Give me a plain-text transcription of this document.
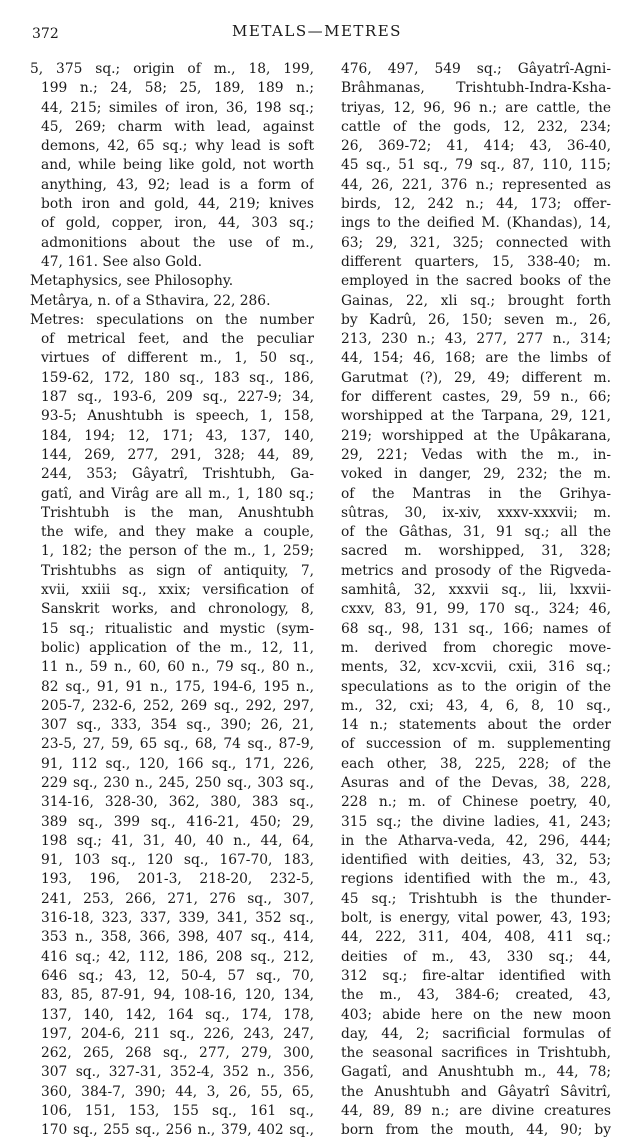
372	METALS—METRES
5, 375 sq.; origin of m., 18, 199,
199 n.; 24, 58; 25, 189, 189 n.;
44, 215; similes of iron, 36, 198 sq.;
45, 269; charm with lead, against
demons, 42, 65 sq.; why lead is soft
and, while being like gold, not worth
anything, 43, 92; lead is a form of
both iron and gold, 44, 219; knives
of gold, copper, iron, 44, 303 sq.;
admonitions about the use of m.,
47, 161. See also Gold.
Metaphysics, see Philosophy.
Metârya, n. of a Sthavira, 22, 286.
Metres: speculations on the number
of metrical feet, and the peculiar
virtues of different m., 1, 50 sq.,
159-62, 172, 180 sq., 183 sq., 186,
187 sq., 193-6, 209 sq., 227-9; 34,
93-5; Anushtubh is speech, 1, 158,
184, 194; 12, 171; 43, 137, 140,
144, 269, 277, 291, 328; 44, 89,
244, 353; Gâyatrî, Trishtubh, Ga-
gatî, and Virâg are all m., 1, 180 sq.;
Trishtubh is the man, Anushtubh
the wife, and they make a couple,
1, 182; the person of the m., 1, 259;
Trishtubhs as sign of antiquity, 7,
xvii, xxiii sq., xxix; versification of
Sanskrit works, and chronology, 8,
15 sq.; ritualistic and mystic (sym-
bolic) application of the m., 12, 11,
11 n., 59 n., 60, 60 n., 79 sq., 80 n.,
82 sq., 91, 91 n., 175, 194-6, 195 n.,
205-7, 232-6, 252, 269 sq., 292, 297,
307 sq., 333, 354 sq., 390; 26, 21,
23-5, 27, 59, 65 sq., 68, 74 sq., 87-9,
91, 112 sq., 120, 166 sq., 171, 226,
229 sq., 230 n., 245, 250 sq., 303 sq.,
314-16, 328-30, 362, 380, 383 sq.,
389 sq., 399 sq., 416-21, 450; 29,
198 sq.; 41, 31, 40, 40 n., 44, 64,
91, 103 sq., 120 sq., 167-70, 183,
193, 196, 201-3, 218-20, 232-5,
241, 253, 266, 271, 276 sq., 307,
316-18, 323, 337, 339, 341, 352 sq.,
353 n., 358, 366, 398, 407 sq., 414,
416 sq.; 42, 112, 186, 208 sq., 212,
646 sq.; 43, 12, 50-4, 57 sq., 70,
83, 85, 87-91, 94, 108-16, 120, 134,
137, 140, 142, 164 sq., 174, 178,
197, 204-6, 211 sq., 226, 243, 247,
262, 265, 268 sq., 277, 279, 300,
307 sq., 327-31, 352-4, 352 n., 356,
360, 384-7, 390; 44, 3, 26, 55, 65,
106, 151, 153, 155 sq., 161 sq.,
170 sq., 255 sq., 256 n., 379, 402 sq.,
476, 497, 549 sq.; Gâyatrî-Agni-
Brâhmanas, Trishtubh-Indra-Ksha-
triyas, 12, 96, 96 n.; are cattle, the
cattle of the gods, 12, 232, 234;
26, 369-72; 41, 414; 43, 36-40,
45 sq., 51 sq., 79 sq., 87, 110, 115;
44, 26, 221, 376 n.; represented as
birds, 12, 242 n.; 44, 173; offer-
ings to the deified M. (Khandas), 14,
63; 29, 321, 325; connected with
different quarters, 15, 338-40; m.
employed in the sacred books of the
Gainas, 22, xli sq.; brought forth
by Kadrû, 26, 150; seven m., 26,
213, 230 n.; 43, 277, 277 n., 314;
44, 154; 46, 168; are the limbs of
Garutmat (?), 29, 49; different m.
for different castes, 29, 59 n., 66;
worshipped at the Tarpana, 29, 121,
219; worshipped at the Upâkarana,
29, 221; Vedas with the m., in-
voked in danger, 29, 232; the m.
of the Mantras in the Grihya-
sûtras, 30, ix-xiv, xxxv-xxxvii; m.
of the Gâthas, 31, 91 sq.; all the
sacred m. worshipped, 31, 328;
metrics and prosody of the Rigveda-
samhitâ, 32, xxxvii sq., lii, lxxvii-
cxxv, 83, 91, 99, 170 sq., 324; 46,
68 sq., 98, 131 sq., 166; names of
m. derived from choregic move-
ments, 32, xcv-xcvii, cxii, 316 sq.;
speculations as to the origin of the
m., 32, cxi; 43, 4, 6, 8, 10 sq.,
14 n.; statements about the order
of succession of m. supplementing
each other, 38, 225, 228; of the
Asuras and of the Devas, 38, 228,
228 n.; m. of Chinese poetry, 40,
315 sq.; the divine ladies, 41, 243;
in the Atharva-veda, 42, 296, 444;
identified with deities, 43, 32, 53;
regions identified with the m., 43,
45 sq.; Trishtubh is the thunder-
bolt, is energy, vital power, 43, 193;
44, 222, 311, 404, 408, 411 sq.;
deities of m., 43, 330 sq.; 44,
312 sq.; fire-altar identified with
the m., 43, 384-6; created, 43,
403; abide here on the new moon
day, 44, 2; sacrificial formulas of
the seasonal sacrifices in Trishtubh,
Gagatî, and Anushtubh m., 44, 78;
the Anushtubh and Gâyatrî Sâvitrî,
44, 89, 89 n.; are divine creatures
born from the mouth, 44, 90; by
